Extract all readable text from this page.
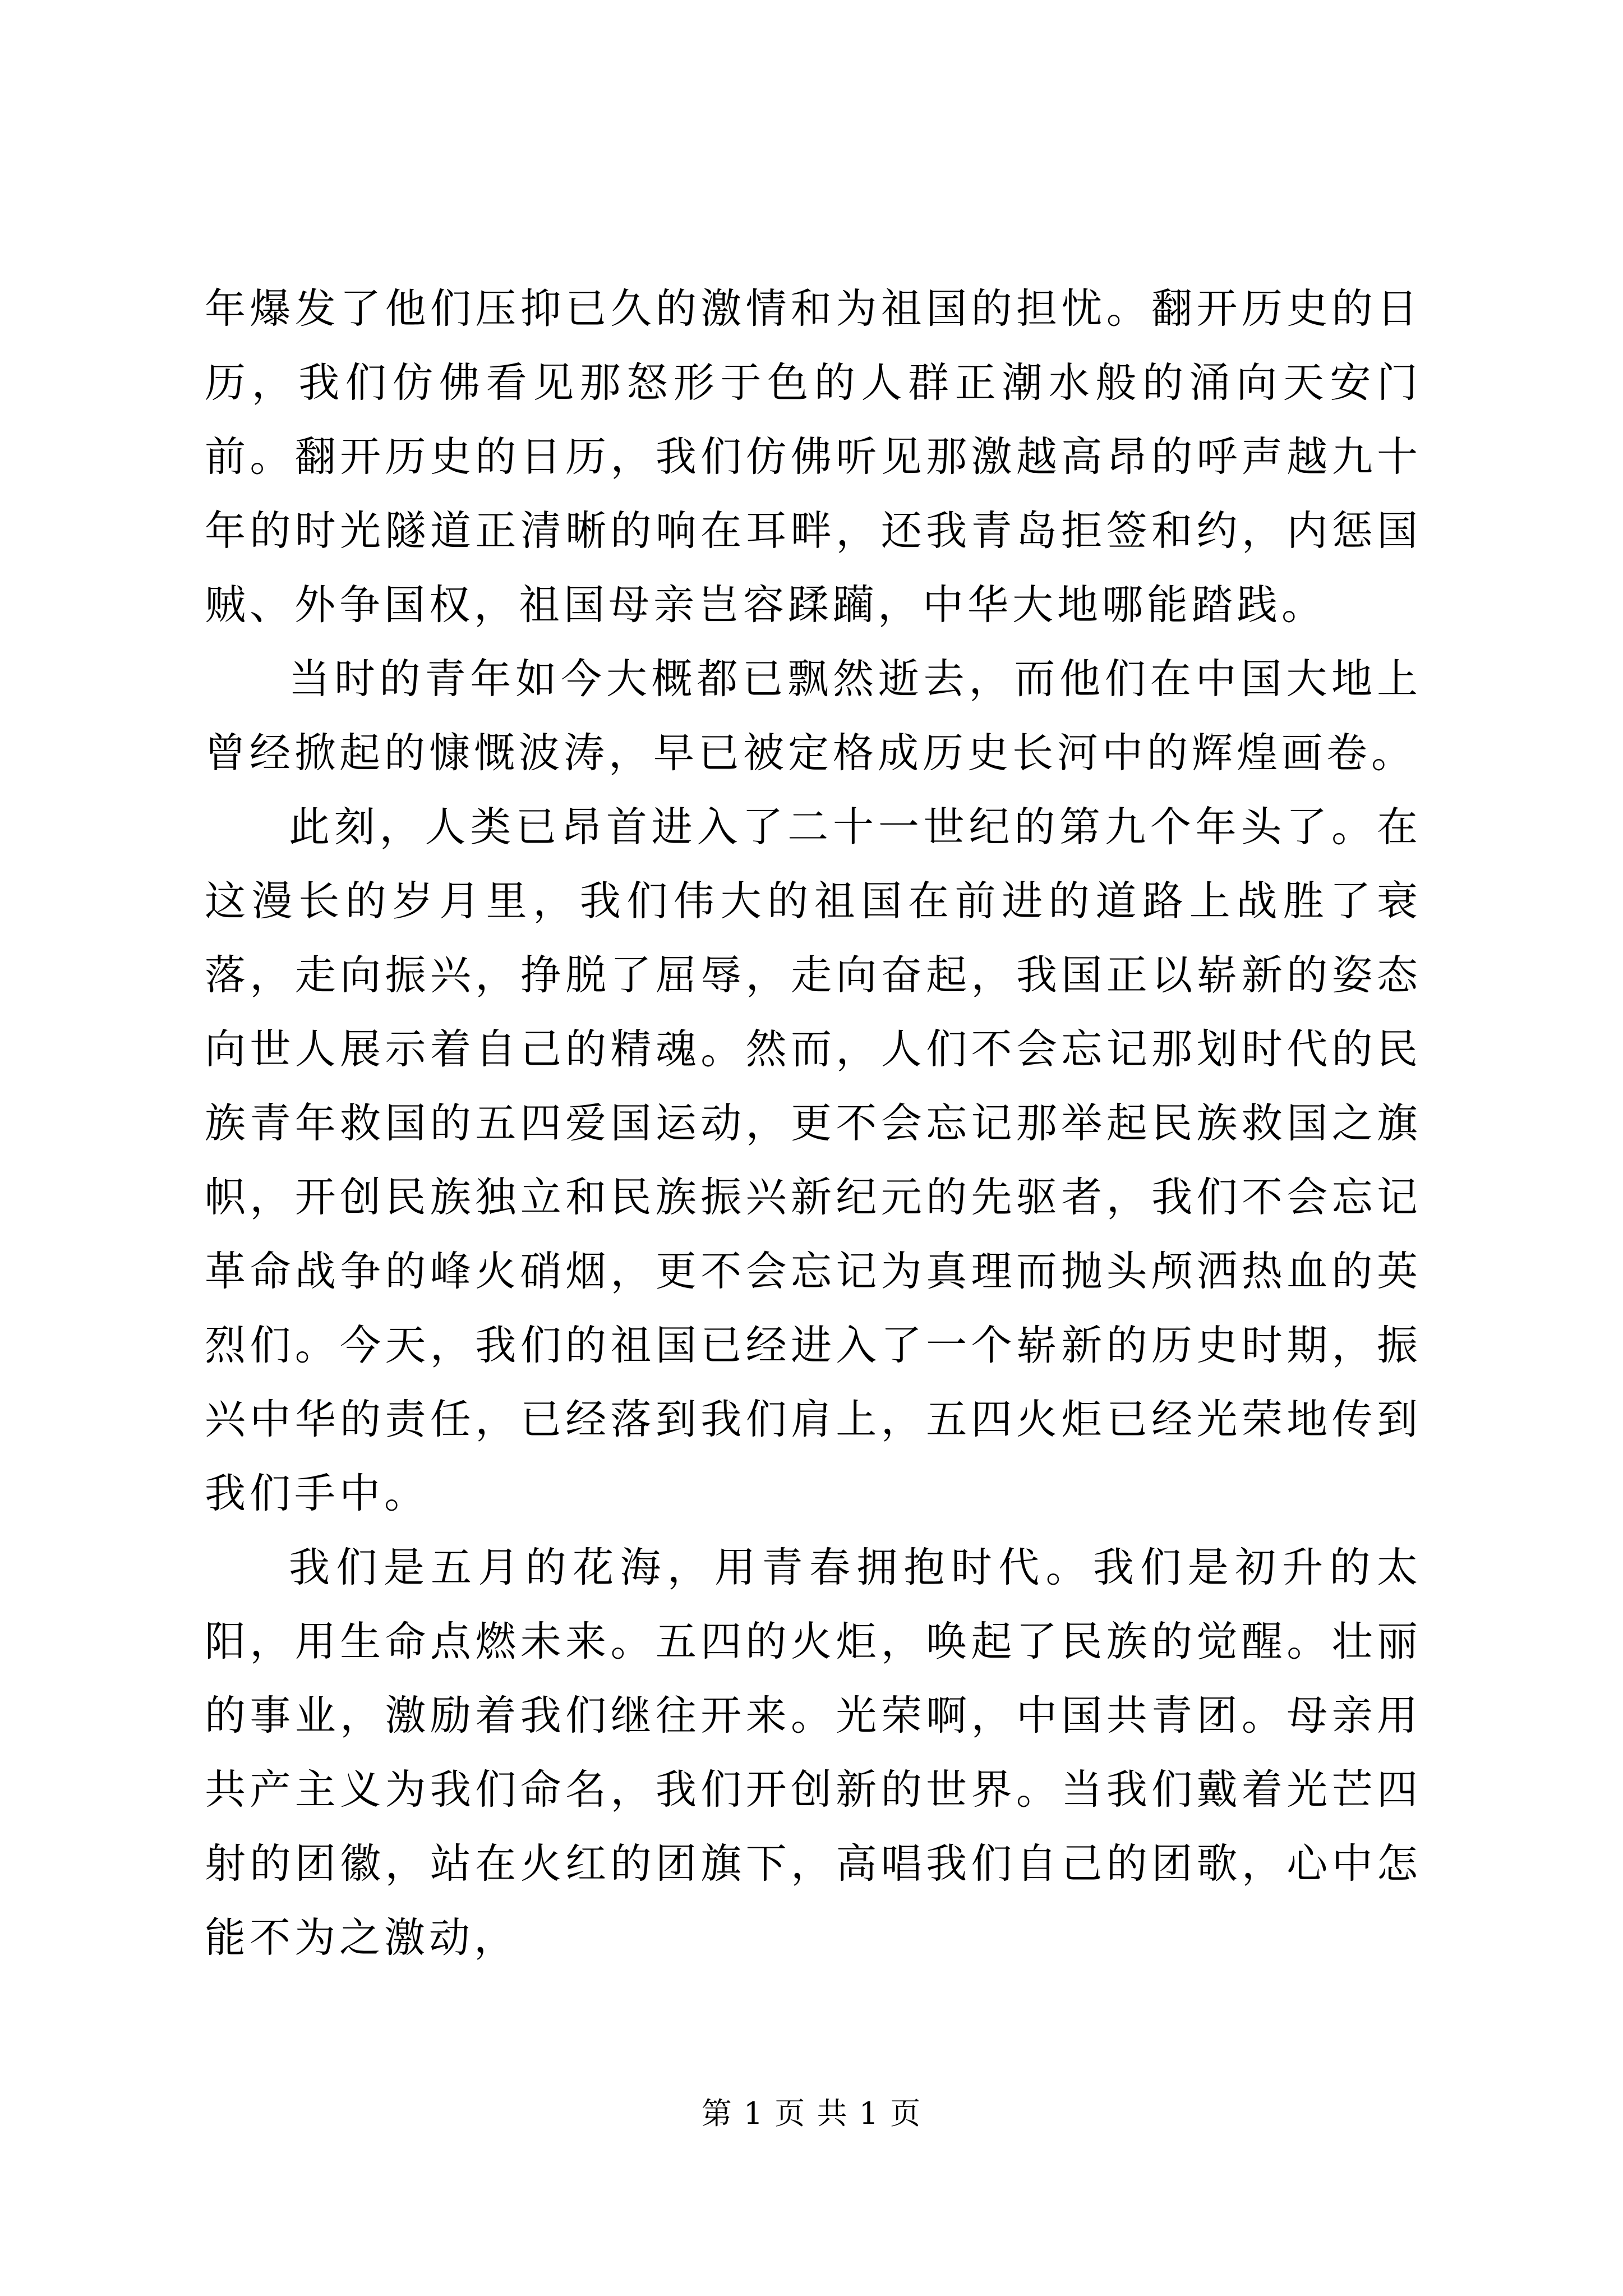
年爆发了他们压抑已久的激情和为祖国的担忧。翻开历史的日历，我们仿佛看见那怒形于色的人群正潮水般的涌向天安门前。翻开历史的日历，我们仿佛听见那激越高昂的呼声越九十年的时光隧道正清晰的响在耳畔，还我青岛拒签和约，内惩国贼、外争国权，祖国母亲岂容蹂躏，中华大地哪能踏践。

当时的青年如今大概都已飘然逝去，而他们在中国大地上曾经掀起的慷慨波涛，早已被定格成历史长河中的辉煌画卷。

此刻，人类已昂首进入了二十一世纪的第九个年头了。在这漫长的岁月里，我们伟大的祖国在前进的道路上战胜了衰落，走向振兴，挣脱了屈辱，走向奋起，我国正以崭新的姿态向世人展示着自己的精魂。然而，人们不会忘记那划时代的民族青年救国的五四爱国运动，更不会忘记那举起民族救国之旗帜，开创民族独立和民族振兴新纪元的先驱者，我们不会忘记革命战争的峰火硝烟，更不会忘记为真理而抛头颅洒热血的英烈们。今天，我们的祖国已经进入了一个崭新的历史时期，振兴中华的责任，已经落到我们肩上，五四火炬已经光荣地传到我们手中。

我们是五月的花海，用青春拥抱时代。我们是初升的太阳，用生命点燃未来。五四的火炬，唤起了民族的觉醒。壮丽的事业，激励着我们继往开来。光荣啊，中国共青团。母亲用共产主义为我们命名，我们开创新的世界。当我们戴着光芒四射的团徽，站在火红的团旗下，高唱我们自己的团歌，心中怎能不为之激动，

第 1 页 共 1 页
